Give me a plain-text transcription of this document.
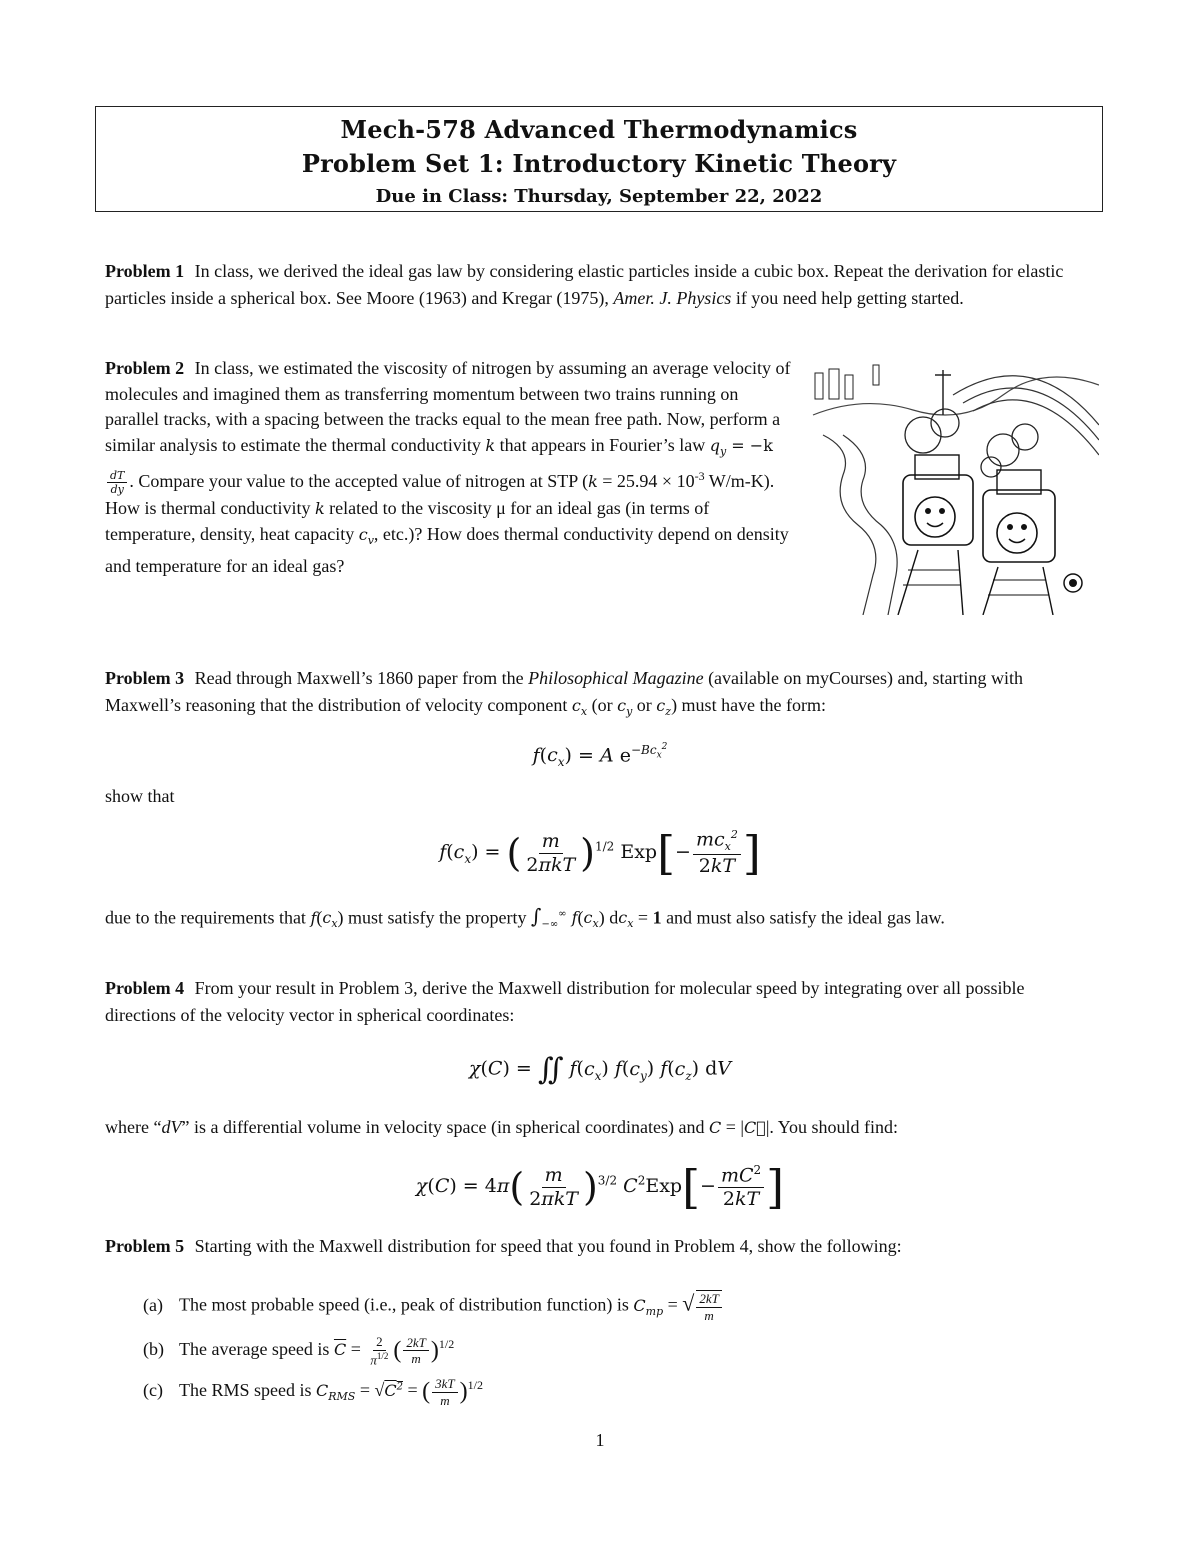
Mech-578 Advanced Thermodynamics
Problem Set 1: Introductory Kinetic Theory
Due in Class: Thursday, September 22, 2022
Problem 1 In class, we derived the ideal gas law by considering elastic particles inside a cubic box. Repeat the derivation for elastic particles inside a spherical box. See Moore (1963) and Kregar (1975), Amer. J. Physics if you need help getting started.
Problem 2 In class, we estimated the viscosity of nitrogen by assuming an average velocity of molecules and imagined them as transferring momentum between two trains running on parallel tracks, with a spacing between the tracks equal to the mean free path. Now, perform a similar analysis to estimate the thermal conductivity k that appears in Fourier’s law $q_y = -k$
$\frac{dT}{dy}$ . Compare your value to the accepted value of nitrogen at STP ($k = 25.94 \times 10^{-3}$ W/m-K). How is thermal conductivity k related to the viscosity μ for an ideal gas (in terms of temperature, density, heat capacity $c_v$, etc.)? How does thermal conductivity depend on density and temperature for an ideal gas?
Problem 3 Read through Maxwell’s 1860 paper from the Philosophical Magazine (available on myCourses) and, starting with Maxwell’s reasoning that the distribution of velocity component $c_x$ (or $c_y$ or $c_z$) must have the form:
$f(c_x) = A$ $e^{-Bc_x^2}$
show that
$f(c_x)$ = ( $\frac{m}{\text{2πkT}} )^{1/2}$ $Exp[- \frac{mc_x^2}{2kT}$ ]
due to the requirements that $f(c_x)$ must satisfy the property $\int_{-\infty}^\infty$ $f(c_x) dc_x = 1$ and must also satisfy the ideal gas law.
Problem 4 From your result in Problem 3, derive the Maxwell distribution for molecular speed by integrating over all possible directions of the velocity vector in spherical coordinates:
χ(C) = ∬ $f(c_x)$ $f(c_y)$ $f(c_z)$ dV
where “dV” is a differential volume in velocity space (in spherical coordinates) and C = |C⃗|. You should find:
$\chi(C) = 4\pi( \frac{m}{\text{2πkT}} )^{3/2}$ $C^2Exp[- \frac{mC^2}{2kT}$ ]
Problem 5 Starting with the Maxwell distribution for speed that you found in Problem 4, show the following:
(a) The most probable speed (i.e., peak of distribution function) is $C_{mp}$ = √ $\frac{2kT}{m}$
(b) The average speed is $\overline{C} = \frac{2}{\pi^{1/2}}$ ( $\frac{2kT}{m} )^{1/2}$
(c) The RMS speed is $C_{RMS} = √C^2$ = ( $\frac{3kT}{m} )^{1/2}$
1
